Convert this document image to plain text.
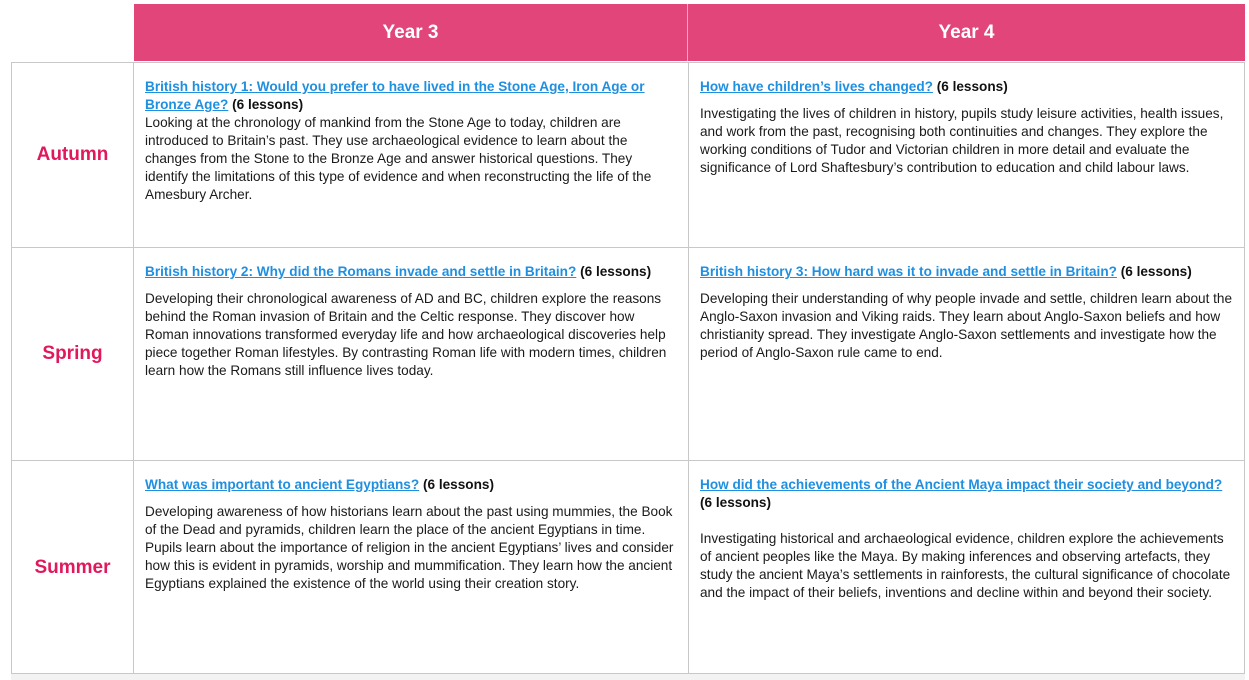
Year 3	Year 4
Autumn
British history 1: Would you prefer to have lived in the Stone Age, Iron Age or Bronze Age? (6 lessons)

Looking at the chronology of mankind from the Stone Age to today, children are introduced to Britain’s past. They use archaeological evidence to learn about the changes from the Stone to the Bronze Age and answer historical questions. They identify the limitations of this type of evidence and when reconstructing the life of the Amesbury Archer.

How have children’s lives changed? (6 lessons)

Investigating the lives of children in history, pupils study leisure activities, health issues, and work from the past, recognising both continuities and changes. They explore the working conditions of Tudor and Victorian children in more detail and evaluate the significance of Lord Shaftesbury’s contribution to education and child labour laws.

Spring
British history 2: Why did the Romans invade and settle in Britain? (6 lessons)

Developing their chronological awareness of AD and BC, children explore the reasons behind the Roman invasion of Britain and the Celtic response. They discover how Roman innovations transformed everyday life and how archaeological discoveries help piece together Roman lifestyles. By contrasting Roman life with modern times, children learn how the Romans still influence lives today.

British history 3: How hard was it to invade and settle in Britain? (6 lessons)

Developing their understanding of why people invade and settle, children learn about the Anglo-Saxon invasion and Viking raids. They learn about Anglo-Saxon beliefs and how christianity spread. They investigate Anglo-Saxon settlements and investigate how the period of Anglo-Saxon rule came to end.

Summer
What was important to ancient Egyptians? (6 lessons)

Developing awareness of how historians learn about the past using mummies, the Book of the Dead and pyramids, children learn the place of the ancient Egyptians in time. Pupils learn about the importance of religion in the ancient Egyptians’ lives and consider how this is evident in pyramids, worship and mummification. They learn how the ancient Egyptians explained the existence of the world using their creation story.

How did the achievements of the Ancient Maya impact their society and beyond? (6 lessons)

Investigating historical and archaeological evidence, children explore the achievements of ancient peoples like the Maya. By making inferences and observing artefacts, they study the ancient Maya’s settlements in rainforests, the cultural significance of chocolate and the impact of their beliefs, inventions and decline within and beyond their society.
